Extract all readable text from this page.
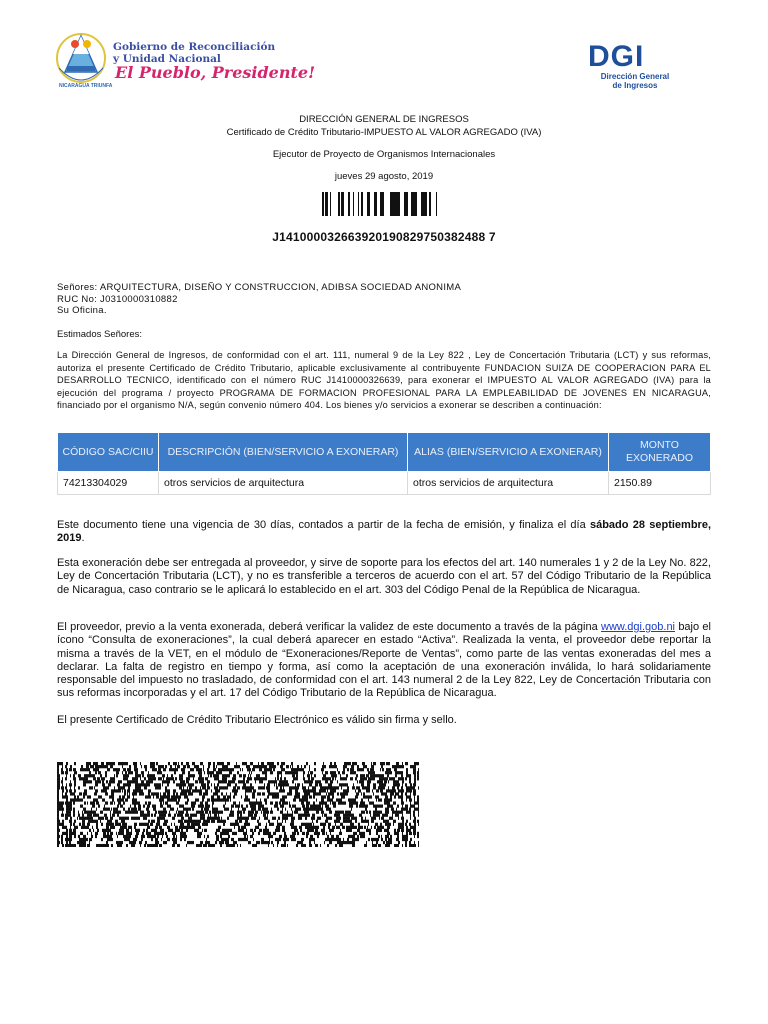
NICARAGUA TRIUNFA
Gobierno de Reconciliación
y Unidad Nacional
El Pueblo, Presidente!	DGI
Dirección General
de Ingresos
DIRECCIÓN GENERAL DE INGRESOS
Certificado de Crédito Tributario-IMPUESTO AL VALOR AGREGADO (IVA)
Ejecutor de Proyecto de Organismos Internacionales
jueves 29 agosto, 2019
J141000032663920190829750382488 7
Señores: ARQUITECTURA, DISEÑO Y CONSTRUCCION, ADIBSA SOCIEDAD ANONIMA
RUC No: J0310000310882
Su Oficina.
Estimados Señores:
La Dirección General de Ingresos, de conformidad con el art. 111, numeral 9 de la Ley 822 , Ley de Concertación Tributaria (LCT) y sus reformas, autoriza el presente Certificado de Crédito Tributario, aplicable exclusivamente al contribuyente FUNDACION SUIZA DE COOPERACION PARA EL DESARROLLO TECNICO, identificado con el número RUC J1410000326639, para exonerar el IMPUESTO AL VALOR AGREGADO (IVA) para la ejecución del programa / proyecto PROGRAMA DE FORMACION PROFESIONAL PARA LA EMPLEABILIDAD DE JOVENES EN NICARAGUA, financiado por el organismo N/A, según convenio número 404. Los bienes y/o servicios a exonerar se describen a continuación:
CÓDIGO SAC/CIIU	DESCRIPCIÓN (BIEN/SERVICIO A EXONERAR)	ALIAS (BIEN/SERVICIO A EXONERAR)	MONTO EXONERADO
74213304029	otros servicios de arquitectura	otros servicios de arquitectura	2150.89
Este documento tiene una vigencia de 30 días, contados a partir de la fecha de emisión, y finaliza el día sábado 28 septiembre, 2019.
Esta exoneración debe ser entregada al proveedor, y sirve de soporte para los efectos del art. 140 numerales 1 y 2 de la Ley No. 822, Ley de Concertación Tributaria (LCT), y no es transferible a terceros de acuerdo con el art. 57 del Código Tributario de la República de Nicaragua, caso contrario se le aplicará lo establecido en el art. 303 del Código Penal de la República de Nicaragua.
El proveedor, previo a la venta exonerada, deberá verificar la validez de este documento a través de la página www.dgi.gob.ni bajo el ícono “Consulta de exoneraciones”, la cual deberá aparecer en estado “Activa”. Realizada la venta, el proveedor debe reportar la misma a través de la VET, en el módulo de “Exoneraciones/Reporte de Ventas”, como parte de las ventas exoneradas del mes a declarar. La falta de registro en tiempo y forma, así como la aceptación de una exoneración inválida, lo hará solidariamente responsable del impuesto no trasladado, de conformidad con el art. 143 numeral 2 de la Ley 822, Ley de Concertación Tributaria con sus reformas incorporadas y el art. 17 del Código Tributario de la República de Nicaragua.
El presente Certificado de Crédito Tributario Electrónico es válido sin firma y sello.
